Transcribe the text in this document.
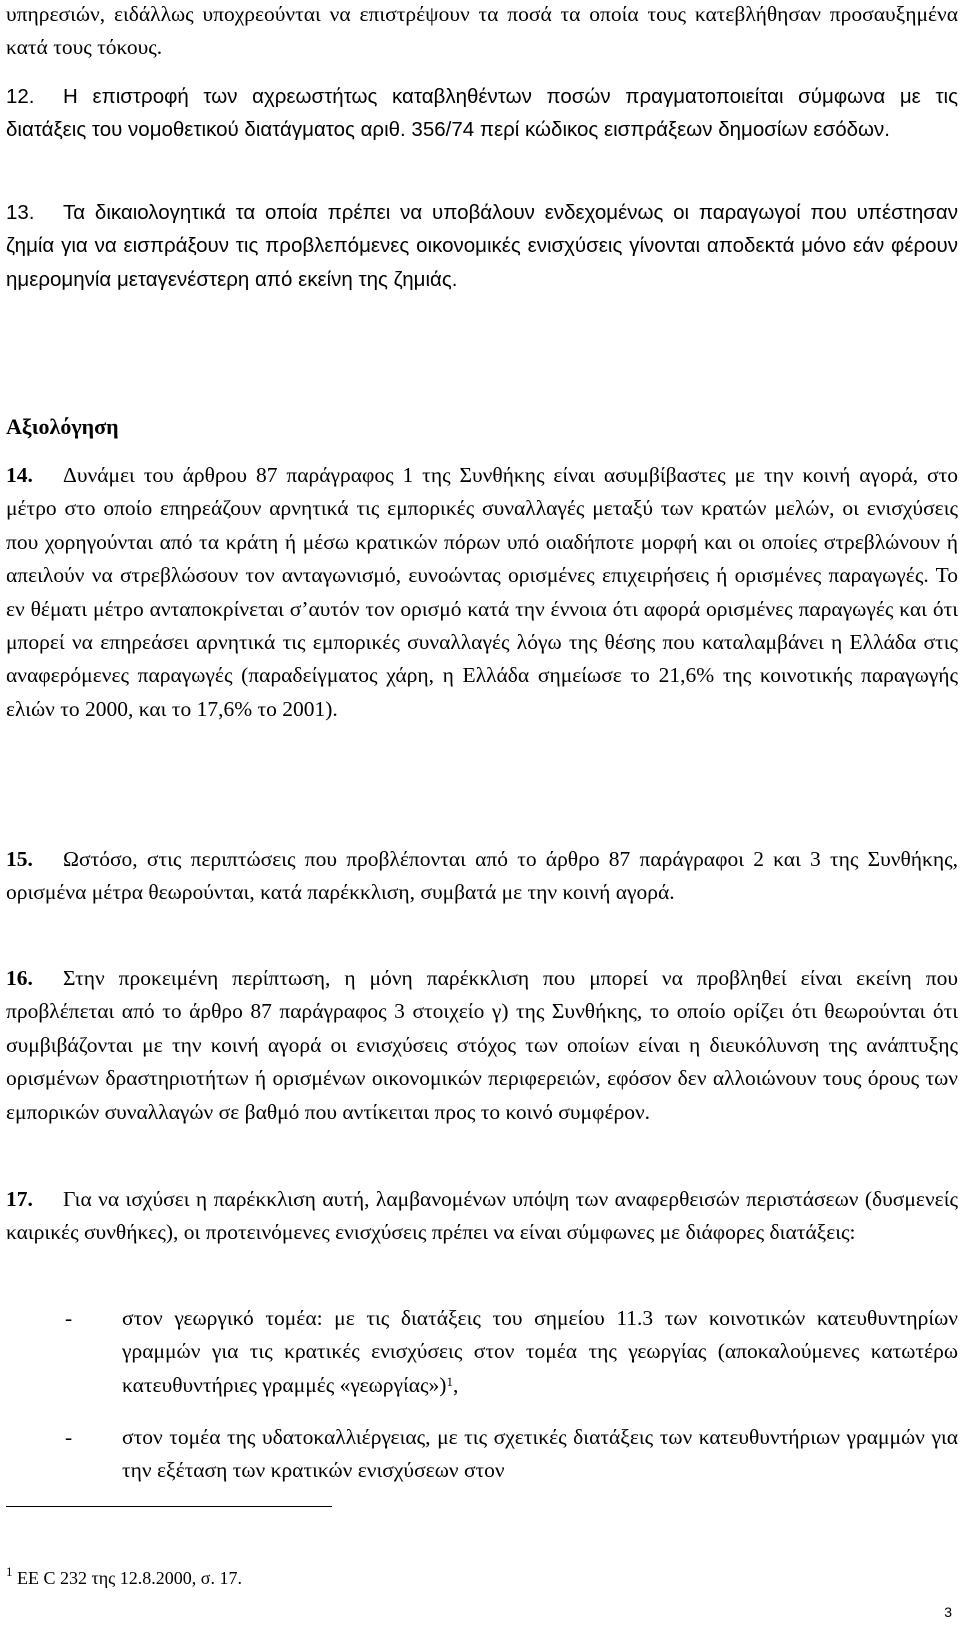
υπηρεσιών, ειδάλλως υποχρεούνται να επιστρέψουν τα ποσά τα οποία τους κατεβλήθησαν προσαυξημένα κατά τους τόκους.
12. Η επιστροφή των αχρεωστήτως καταβληθέντων ποσών πραγματοποιείται σύμφωνα με τις διατάξεις του νομοθετικού διατάγματος αριθ. 356/74 περί κώδικος εισπράξεων δημοσίων εσόδων.
13. Τα δικαιολογητικά τα οποία πρέπει να υποβάλουν ενδεχομένως οι παραγωγοί που υπέστησαν ζημία για να εισπράξουν τις προβλεπόμενες οικονομικές ενισχύσεις γίνονται αποδεκτά μόνο εάν φέρουν ημερομηνία μεταγενέστερη από εκείνη της ζημιάς.
Αξιολόγηση
14. Δυνάμει του άρθρου 87 παράγραφος 1 της Συνθήκης είναι ασυμβίβαστες με την κοινή αγορά, στο μέτρο στο οποίο επηρεάζουν αρνητικά τις εμπορικές συναλλαγές μεταξύ των κρατών μελών, οι ενισχύσεις που χορηγούνται από τα κράτη ή μέσω κρατικών πόρων υπό οιαδήποτε μορφή και οι οποίες στρεβλώνουν ή απειλούν να στρεβλώσουν τον ανταγωνισμό, ευνοώντας ορισμένες επιχειρήσεις ή ορισμένες παραγωγές. Το εν θέματι μέτρο ανταποκρίνεται σ’αυτόν τον ορισμό κατά την έννοια ότι αφορά ορισμένες παραγωγές και ότι μπορεί να επηρεάσει αρνητικά τις εμπορικές συναλλαγές λόγω της θέσης που καταλαμβάνει η Ελλάδα στις αναφερόμενες παραγωγές (παραδείγματος χάρη, η Ελλάδα σημείωσε το 21,6% της κοινοτικής παραγωγής ελιών το 2000, και το 17,6% το 2001).
15. Ωστόσο, στις περιπτώσεις που προβλέπονται από το άρθρο 87 παράγραφοι 2 και 3 της Συνθήκης, ορισμένα μέτρα θεωρούνται, κατά παρέκκλιση, συμβατά με την κοινή αγορά.
16. Στην προκειμένη περίπτωση, η μόνη παρέκκλιση που μπορεί να προβληθεί είναι εκείνη που προβλέπεται από το άρθρο 87 παράγραφος 3 στοιχείο γ) της Συνθήκης, το οποίο ορίζει ότι θεωρούνται ότι συμβιβάζονται με την κοινή αγορά οι ενισχύσεις στόχος των οποίων είναι η διευκόλυνση της ανάπτυξης ορισμένων δραστηριοτήτων ή ορισμένων οικονομικών περιφερειών, εφόσον δεν αλλοιώνουν τους όρους των εμπορικών συναλλαγών σε βαθμό που αντίκειται προς το κοινό συμφέρον.
17. Για να ισχύσει η παρέκκλιση αυτή, λαμβανομένων υπόψη των αναφερθεισών περιστάσεων (δυσμενείς καιρικές συνθήκες), οι προτεινόμενες ενισχύσεις πρέπει να είναι σύμφωνες με διάφορες διατάξεις:
- στον γεωργικό τομέα: με τις διατάξεις του σημείου 11.3 των κοινοτικών κατευθυντηρίων γραμμών για τις κρατικές ενισχύσεις στον τομέα της γεωργίας (αποκαλούμενες κατωτέρω κατευθυντήριες γραμμές «γεωργίας»)$^1$,
- στον τομέα της υδατοκαλλιέργειας, με τις σχετικές διατάξεις των κατευθυντήριων γραμμών για την εξέταση των κρατικών ενισχύσεων στον
$^1$ ΕΕ C 232 της 12.8.2000, σ. 17.
3
